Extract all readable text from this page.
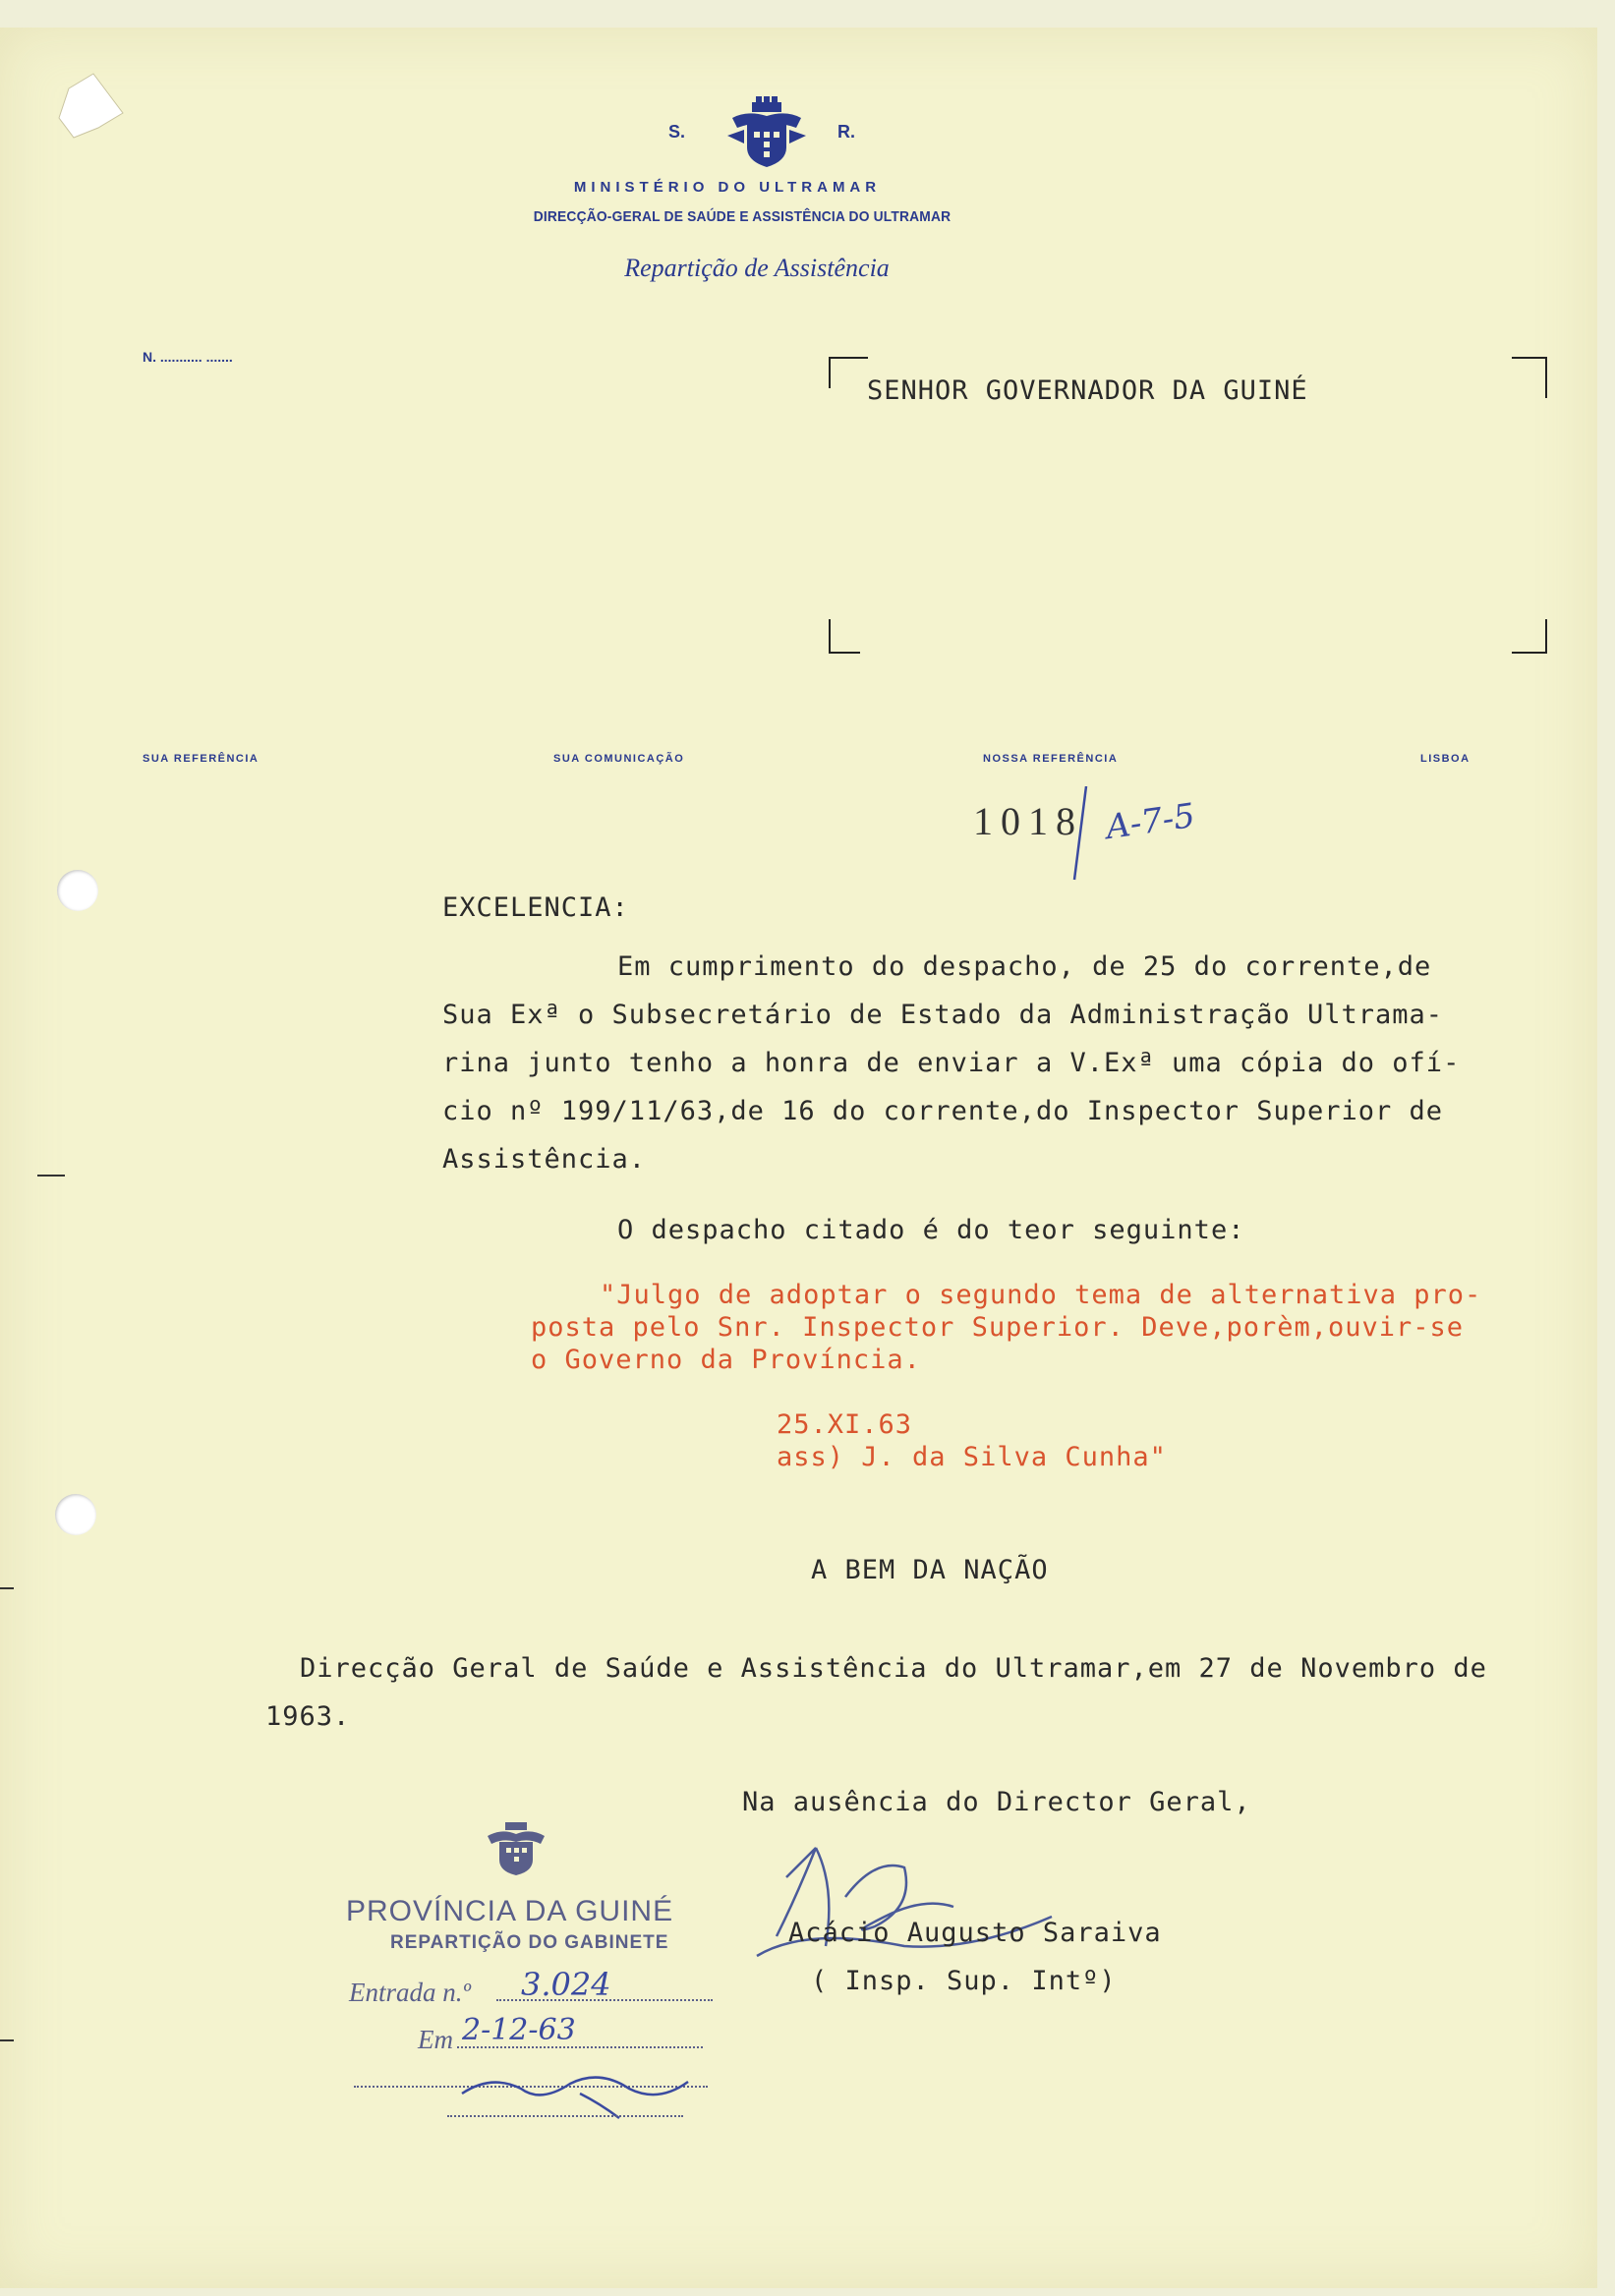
S.	R.
MINISTÉRIO DO ULTRAMAR
DIRECÇÃO-GERAL DE SAÚDE E ASSISTÊNCIA DO ULTRAMAR
Repartição de Assistência
N. ........... .......
SENHOR GOVERNADOR DA GUINÉ
SUA REFERÊNCIA	SUA COMUNICAÇÃO	NOSSA REFERÊNCIA	LISBOA
1018 A-7-5
EXCELENCIA:
Em cumprimento do despacho, de 25 do corrente,de
Sua Exª o Subsecretário de Estado da Administração Ultrama-
rina junto tenho a honra de enviar a V.Exª uma cópia do ofí-
cio nº 199/11/63,de 16 do corrente,do Inspector Superior de
Assistência.
O despacho citado é do teor seguinte:
"Julgo de adoptar o segundo tema de alternativa pro-
posta pelo Snr. Inspector Superior. Deve,porèm,ouvir-se
o Governo da Província.
25.XI.63
ass) J. da Silva Cunha"
A BEM DA NAÇÃO
Direcção Geral de Saúde e Assistência do Ultramar,em 27 de Novembro de
1963.
Na ausência do Director Geral,
Acácio Augusto Saraiva
( Insp. Sup. Intº)
PROVÍNCIA DA GUINÉ
REPARTIÇÃO DO GABINETE
Entrada n.º 3.024
Em 2-12-63
